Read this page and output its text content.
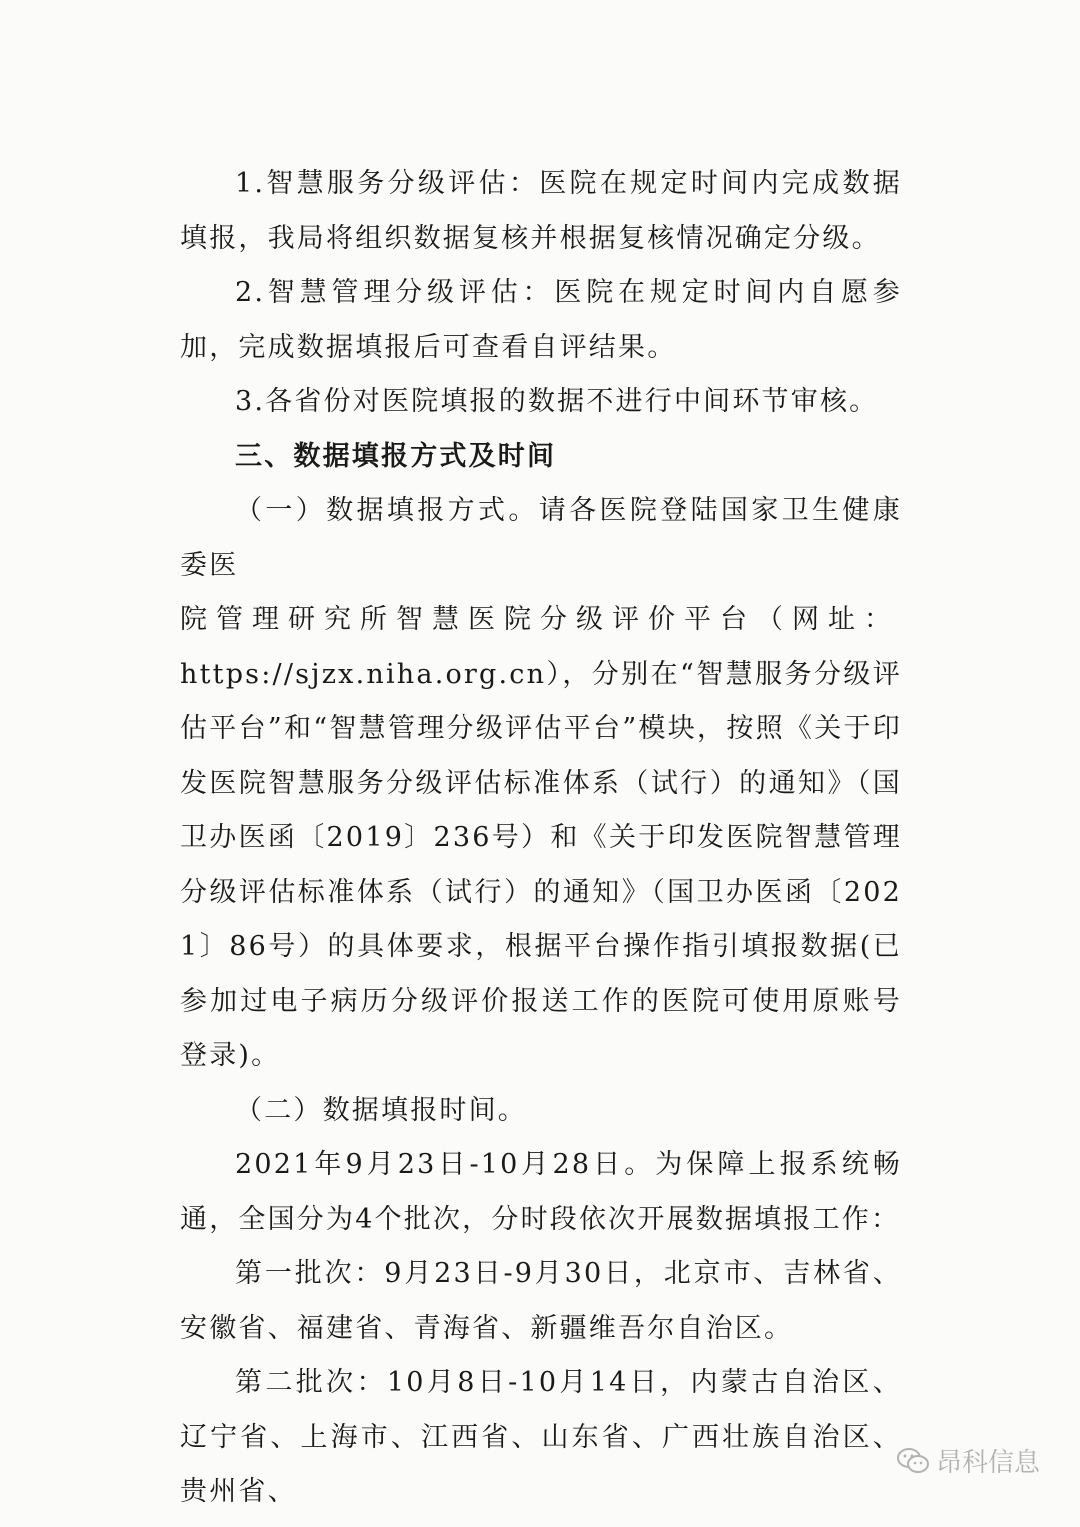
1.智慧服务分级评估：医院在规定时间内完成数据填报，我局将组织数据复核并根据复核情况确定分级。

2.智慧管理分级评估：医院在规定时间内自愿参加，完成数据填报后可查看自评结果。

3.各省份对医院填报的数据不进行中间环节审核。

三、数据填报方式及时间

（一）数据填报方式。请各医院登陆国家卫生健康委医

院管理研究所智慧医院分级评价平台（网址：

https://sjzx.niha.org.cn），分别在“智慧服务分级评估平台”和“智慧管理分级评估平台”模块，按照《关于印发医院智慧服务分级评估标准体系（试行）的通知》（国卫办医函〔2019〕236号）和《关于印发医院智慧管理分级评估标准体系（试行）的通知》（国卫办医函〔2021〕86号）的具体要求，根据平台操作指引填报数据(已参加过电子病历分级评价报送工作的医院可使用原账号登录)。

（二）数据填报时间。

2021年9月23日-10月28日。为保障上报系统畅通，全国分为4个批次，分时段依次开展数据填报工作：

第一批次：9月23日-9月30日，北京市、吉林省、安徽省、福建省、青海省、新疆维吾尔自治区。

第二批次：10月8日-10月14日，内蒙古自治区、辽宁省、上海市、江西省、山东省、广西壮族自治区、贵州省、

昂科信息
